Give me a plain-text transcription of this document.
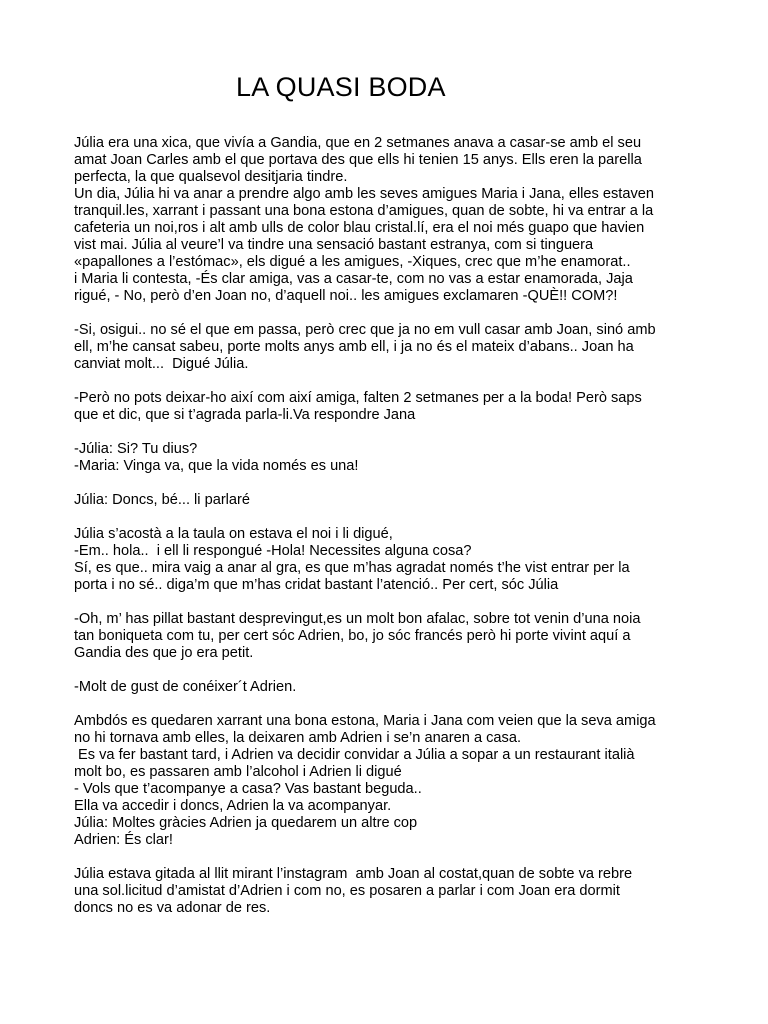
LA QUASI BODA
Júlia era una xica, que vivía a Gandia, que en 2 setmanes anava a casar-se amb el seu
amat Joan Carles amb el que portava des que ells hi tenien 15 anys. Ells eren la parella
perfecta, la que qualsevol desitjaria tindre.
Un dia, Júlia hi va anar a prendre algo amb les seves amigues Maria i Jana, elles estaven
tranquil.les, xarrant i passant una bona estona d’amigues, quan de sobte, hi va entrar a la
cafeteria un noi,ros i alt amb ulls de color blau cristal.lí, era el noi més guapo que havien
vist mai. Júlia al veure’l va tindre una sensació bastant estranya, com si tinguera
«papallones a l’estómac», els digué a les amigues, -Xiques, crec que m’he enamorat..
i Maria li contesta, -És clar amiga, vas a casar-te, com no vas a estar enamorada, Jaja
rigué, - No, però d’en Joan no, d’aquell noi.. les amigues exclamaren -QUÈ!! COM?!
-Si, osigui.. no sé el que em passa, però crec que ja no em vull casar amb Joan, sinó amb
ell, m’he cansat sabeu, porte molts anys amb ell, i ja no és el mateix d’abans.. Joan ha
canviat molt...  Digué Júlia.
-Però no pots deixar-ho així com així amiga, falten 2 setmanes per a la boda! Però saps
que et dic, que si t’agrada parla-li.Va respondre Jana
-Júlia: Si? Tu dius?
-Maria: Vinga va, que la vida només es una!
Júlia: Doncs, bé... li parlaré
Júlia s’acostà a la taula on estava el noi i li digué,
-Em.. hola..  i ell li respongué -Hola! Necessites alguna cosa?
Sí, es que.. mira vaig a anar al gra, es que m’has agradat només t’he vist entrar per la
porta i no sé.. diga’m que m’has cridat bastant l’atenció.. Per cert, sóc Júlia
-Oh, m’ has pillat bastant desprevingut,es un molt bon afalac, sobre tot venin d’una noia
tan boniqueta com tu, per cert sóc Adrien, bo, jo sóc francés però hi porte vivint aquí a
Gandia des que jo era petit.
-Molt de gust de conéixer´t Adrien.
Ambdós es quedaren xarrant una bona estona, Maria i Jana com veien que la seva amiga
no hi tornava amb elles, la deixaren amb Adrien i se’n anaren a casa.
Es va fer bastant tard, i Adrien va decidir convidar a Júlia a sopar a un restaurant italià
molt bo, es passaren amb l’alcohol i Adrien li digué
- Vols que t’acompanye a casa? Vas bastant beguda..
Ella va accedir i doncs, Adrien la va acompanyar.
Júlia: Moltes gràcies Adrien ja quedarem un altre cop
Adrien: És clar!
Júlia estava gitada al llit mirant l’instagram  amb Joan al costat,quan de sobte va rebre
una sol.licitud d’amistat d’Adrien i com no, es posaren a parlar i com Joan era dormit
doncs no es va adonar de res.
